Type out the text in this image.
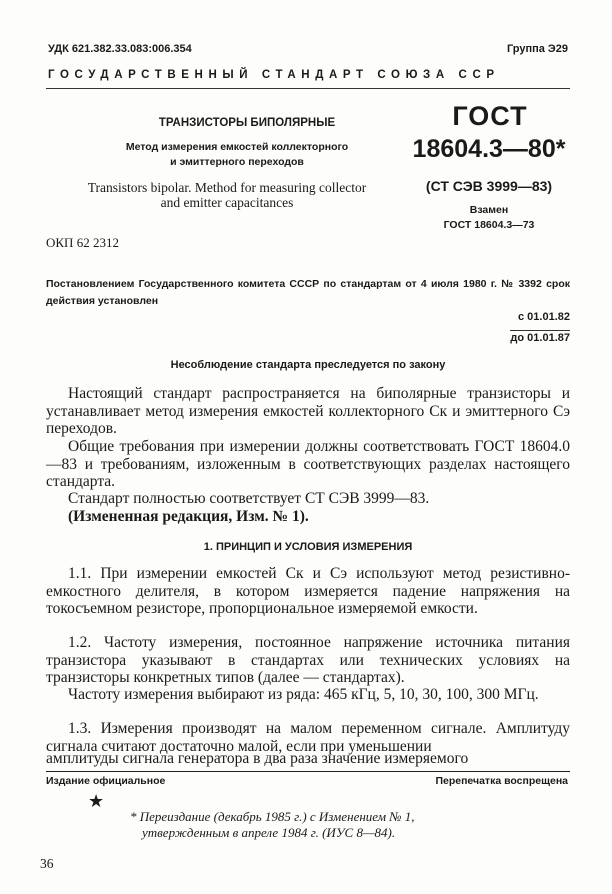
УДК 621.382.33.083:006.354	Группа Э29
ГОСУДАРСТВЕННЫЙ СТАНДАРТ СОЮЗА ССР
ТРАНЗИСТОРЫ БИПОЛЯРНЫЕ
Метод измерения емкостей коллекторного
и эмиттерного переходов
Transistors bipolar. Method for measuring collector
and emitter capacitances
ОКП 62 2312
ГОСТ
18604.3—80*
(СТ СЭВ 3999—83)
Взамен
ГОСТ 18604.3—73
Постановлением Государственного комитета СССР по стандартам от 4 июля 1980 г. № 3392 срок действия установлен
с 01.01.82
до 01.01.87
Несоблюдение стандарта преследуется по закону
Настоящий стандарт распространяется на биполярные транзисторы и устанавливает метод измерения емкостей коллекторного Cк и эмиттерного Cэ переходов.
Общие требования при измерении должны соответствовать ГОСТ 18604.0—83 и требованиям, изложенным в соответствующих разделах настоящего стандарта.
Стандарт полностью соответствует СТ СЭВ 3999—83.
(Измененная редакция, Изм. № 1).
1. ПРИНЦИП И УСЛОВИЯ ИЗМЕРЕНИЯ
1.1. При измерении емкостей Cк и Cэ используют метод резистивно-емкостного делителя, в котором измеряется падение напряжения на токосъемном резисторе, пропорциональное измеряемой емкости.
1.2. Частоту измерения, постоянное напряжение источника питания транзистора указывают в стандартах или технических условиях на транзисторы конкретных типов (далее — стандартах).
Частоту измерения выбирают из ряда: 465 кГц, 5, 10, 30, 100, 300 МГц.
1.3. Измерения производят на малом переменном сигнале. Амплитуду сигнала считают достаточно малой, если при уменьшении
амплитуды сигнала генератора в два раза значение измеряемого
Издание официальное	Перепечатка воспрещена
★
* Переиздание (декабрь 1985 г.) с Изменением № 1,
утвержденным в апреле 1984 г. (ИУС 8—84).
36
